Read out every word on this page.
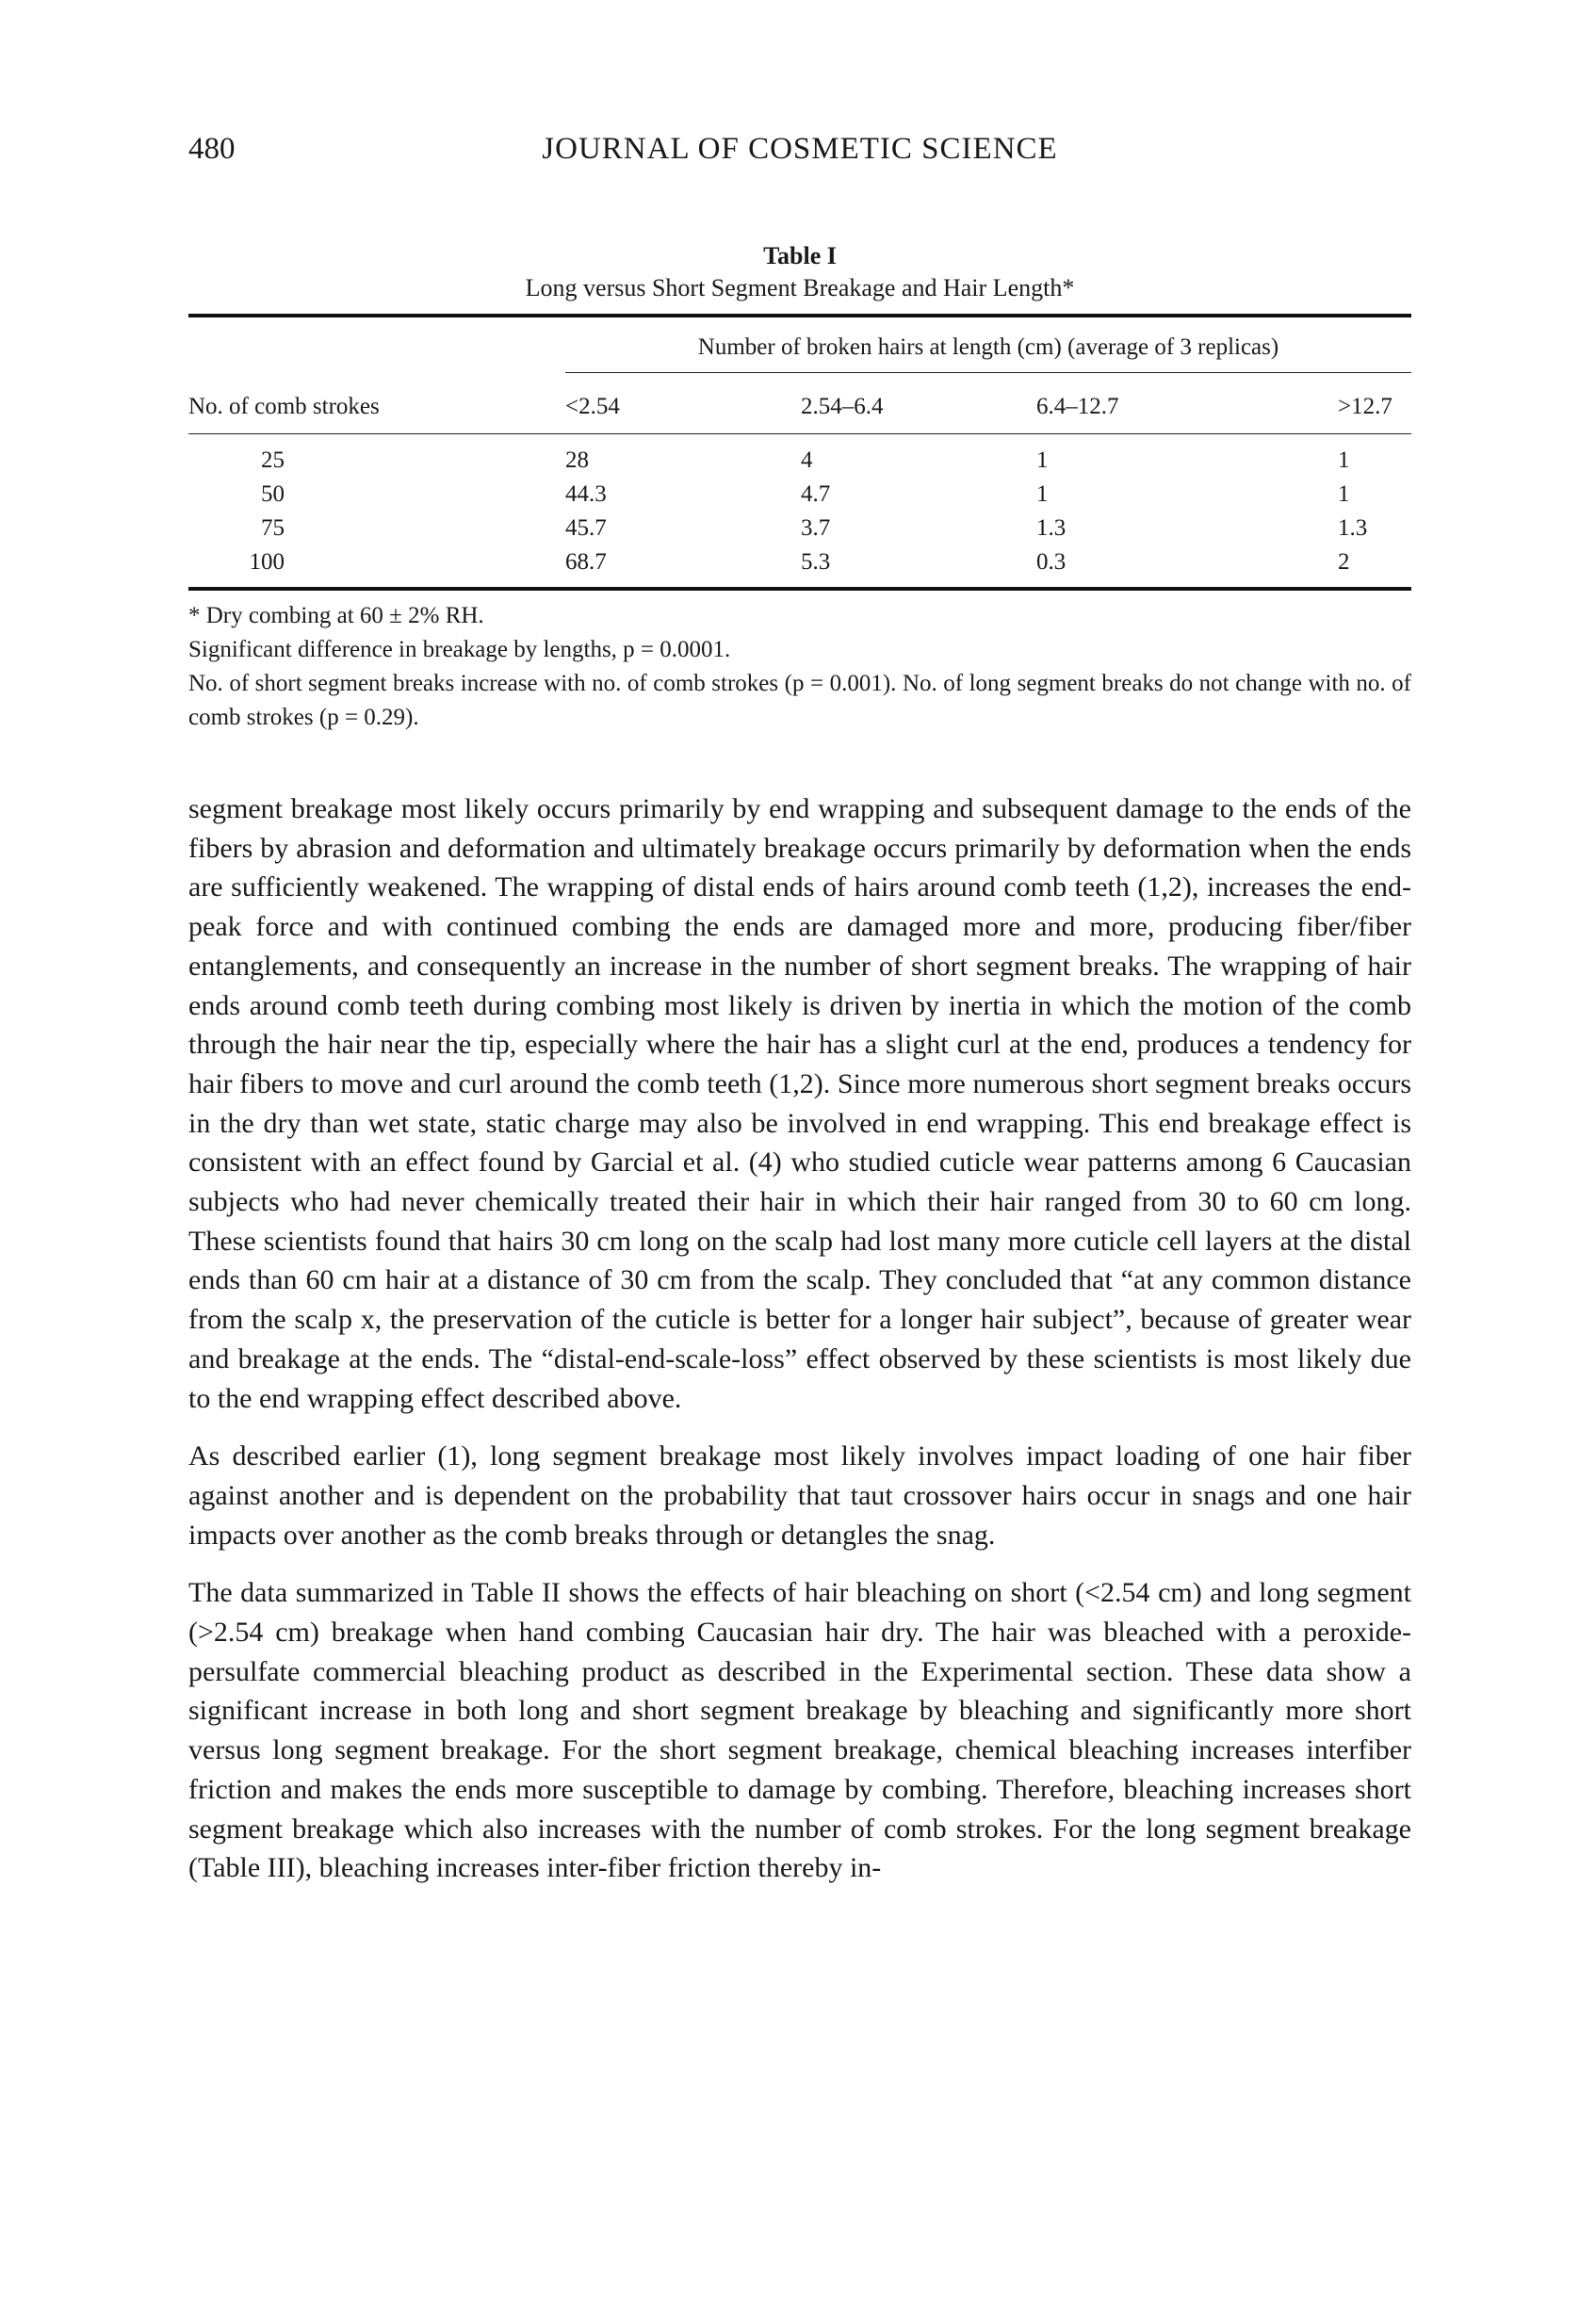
480	JOURNAL OF COSMETIC SCIENCE
Table I
Long versus Short Segment Breakage and Hair Length*
Number of broken hairs at length (cm) (average of 3 replicas)
No. of comb strokes	<2.54	2.54–6.4	6.4–12.7	>12.7
25	28	4	1	1
50	44.3	4.7	1	1
75	45.7	3.7	1.3	1.3
100	68.7	5.3	0.3	2

* Dry combing at 60 ± 2% RH.

Significant difference in breakage by lengths, p = 0.0001.

No. of short segment breaks increase with no. of comb strokes (p = 0.001). No. of long segment breaks do not change with no. of comb strokes (p = 0.29).

segment breakage most likely occurs primarily by end wrapping and subsequent damage to the ends of the fibers by abrasion and deformation and ultimately breakage occurs primarily by deformation when the ends are sufficiently weakened. The wrapping of distal ends of hairs around comb teeth (1,2), increases the end-peak force and with continued combing the ends are damaged more and more, producing fiber/fiber entanglements, and consequently an increase in the number of short segment breaks. The wrapping of hair ends around comb teeth during combing most likely is driven by inertia in which the motion of the comb through the hair near the tip, especially where the hair has a slight curl at the end, produces a tendency for hair fibers to move and curl around the comb teeth (1,2). Since more numerous short segment breaks occurs in the dry than wet state, static charge may also be involved in end wrapping. This end breakage effect is consistent with an effect found by Garcial et al. (4) who studied cuticle wear patterns among 6 Caucasian subjects who had never chemically treated their hair in which their hair ranged from 30 to 60 cm long. These scientists found that hairs 30 cm long on the scalp had lost many more cuticle cell layers at the distal ends than 60 cm hair at a distance of 30 cm from the scalp. They concluded that “at any common distance from the scalp x, the preservation of the cuticle is better for a longer hair subject”, because of greater wear and breakage at the ends. The “distal-end-scale-loss” effect observed by these scientists is most likely due to the end wrapping effect described above.

As described earlier (1), long segment breakage most likely involves impact loading of one hair fiber against another and is dependent on the probability that taut crossover hairs occur in snags and one hair impacts over another as the comb breaks through or detangles the snag.

The data summarized in Table II shows the effects of hair bleaching on short (<2.54 cm) and long segment (>2.54 cm) breakage when hand combing Caucasian hair dry. The hair was bleached with a peroxide-persulfate commercial bleaching product as described in the Experimental section. These data show a significant increase in both long and short segment breakage by bleaching and significantly more short versus long segment breakage. For the short segment breakage, chemical bleaching increases interfiber friction and makes the ends more susceptible to damage by combing. Therefore, bleaching increases short segment breakage which also increases with the number of comb strokes. For the long segment breakage (Table III), bleaching increases inter-fiber friction thereby in-
